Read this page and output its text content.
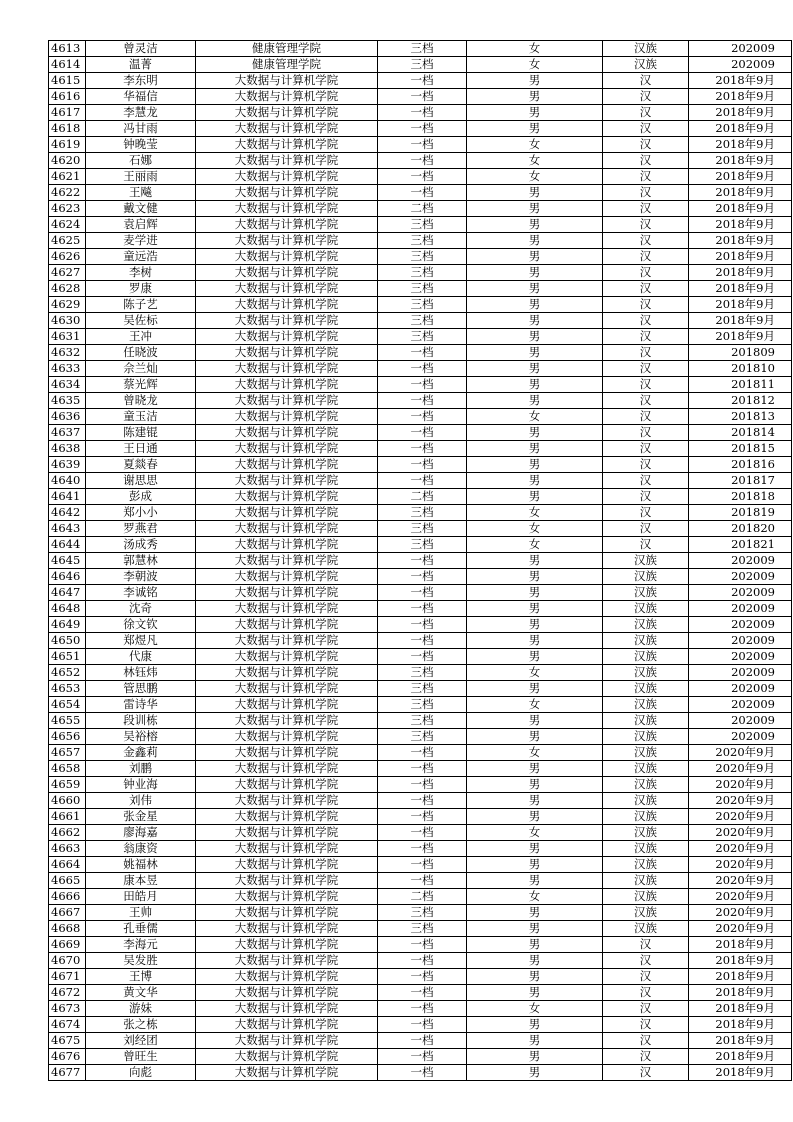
4613	曾灵洁	健康管理学院	三档	女	汉族	202009
4614	温菁	健康管理学院	三档	女	汉族	202009
4615	李东明	大数据与计算机学院	一档	男	汉	2018年9月
4616	华福信	大数据与计算机学院	一档	男	汉	2018年9月
4617	李慧龙	大数据与计算机学院	一档	男	汉	2018年9月
4618	冯甘雨	大数据与计算机学院	一档	男	汉	2018年9月
4619	钟晚莹	大数据与计算机学院	一档	女	汉	2018年9月
4620	石娜	大数据与计算机学院	一档	女	汉	2018年9月
4621	王丽雨	大数据与计算机学院	一档	女	汉	2018年9月
4622	王飚	大数据与计算机学院	一档	男	汉	2018年9月
4623	戴文健	大数据与计算机学院	二档	男	汉	2018年9月
4624	袁启辉	大数据与计算机学院	三档	男	汉	2018年9月
4625	麦学进	大数据与计算机学院	三档	男	汉	2018年9月
4626	童远浩	大数据与计算机学院	三档	男	汉	2018年9月
4627	李树	大数据与计算机学院	三档	男	汉	2018年9月
4628	罗康	大数据与计算机学院	三档	男	汉	2018年9月
4629	陈子艺	大数据与计算机学院	三档	男	汉	2018年9月
4630	吴佐标	大数据与计算机学院	三档	男	汉	2018年9月
4631	王冲	大数据与计算机学院	三档	男	汉	2018年9月
4632	任晓波	大数据与计算机学院	一档	男	汉	201809
4633	佘兰灿	大数据与计算机学院	一档	男	汉	201810
4634	蔡光辉	大数据与计算机学院	一档	男	汉	201811
4635	曾晓龙	大数据与计算机学院	一档	男	汉	201812
4636	童玉洁	大数据与计算机学院	一档	女	汉	201813
4637	陈建锟	大数据与计算机学院	一档	男	汉	201814
4638	王日通	大数据与计算机学院	一档	男	汉	201815
4639	夏燚春	大数据与计算机学院	一档	男	汉	201816
4640	谢思思	大数据与计算机学院	一档	男	汉	201817
4641	彭成	大数据与计算机学院	二档	男	汉	201818
4642	郑小小	大数据与计算机学院	三档	女	汉	201819
4643	罗燕君	大数据与计算机学院	三档	女	汉	201820
4644	汤成秀	大数据与计算机学院	三档	女	汉	201821
4645	郭慧林	大数据与计算机学院	一档	男	汉族	202009
4646	李朝波	大数据与计算机学院	一档	男	汉族	202009
4647	李诚铭	大数据与计算机学院	一档	男	汉族	202009
4648	沈奇	大数据与计算机学院	一档	男	汉族	202009
4649	徐文钦	大数据与计算机学院	一档	男	汉族	202009
4650	郑煜凡	大数据与计算机学院	一档	男	汉族	202009
4651	代康	大数据与计算机学院	一档	男	汉族	202009
4652	林钰炜	大数据与计算机学院	三档	女	汉族	202009
4653	管思鹏	大数据与计算机学院	三档	男	汉族	202009
4654	雷诗华	大数据与计算机学院	三档	女	汉族	202009
4655	段训栋	大数据与计算机学院	三档	男	汉族	202009
4656	吴裕榕	大数据与计算机学院	三档	男	汉族	202009
4657	金鑫莉	大数据与计算机学院	一档	女	汉族	2020年9月
4658	刘鹏	大数据与计算机学院	一档	男	汉族	2020年9月
4659	钟业海	大数据与计算机学院	一档	男	汉族	2020年9月
4660	刘伟	大数据与计算机学院	一档	男	汉族	2020年9月
4661	张金星	大数据与计算机学院	一档	男	汉族	2020年9月
4662	廖海嘉	大数据与计算机学院	一档	女	汉族	2020年9月
4663	翁康资	大数据与计算机学院	一档	男	汉族	2020年9月
4664	姚福林	大数据与计算机学院	一档	男	汉族	2020年9月
4665	康本昱	大数据与计算机学院	一档	男	汉族	2020年9月
4666	田皓月	大数据与计算机学院	二档	女	汉族	2020年9月
4667	王帅	大数据与计算机学院	三档	男	汉族	2020年9月
4668	孔垂儒	大数据与计算机学院	三档	男	汉族	2020年9月
4669	李海元	大数据与计算机学院	一档	男	汉	2018年9月
4670	吴发胜	大数据与计算机学院	一档	男	汉	2018年9月
4671	王博	大数据与计算机学院	一档	男	汉	2018年9月
4672	黄文华	大数据与计算机学院	一档	男	汉	2018年9月
4673	游妹	大数据与计算机学院	一档	女	汉	2018年9月
4674	张之栋	大数据与计算机学院	一档	男	汉	2018年9月
4675	刘经团	大数据与计算机学院	一档	男	汉	2018年9月
4676	曾旺生	大数据与计算机学院	一档	男	汉	2018年9月
4677	向彪	大数据与计算机学院	一档	男	汉	2018年9月
